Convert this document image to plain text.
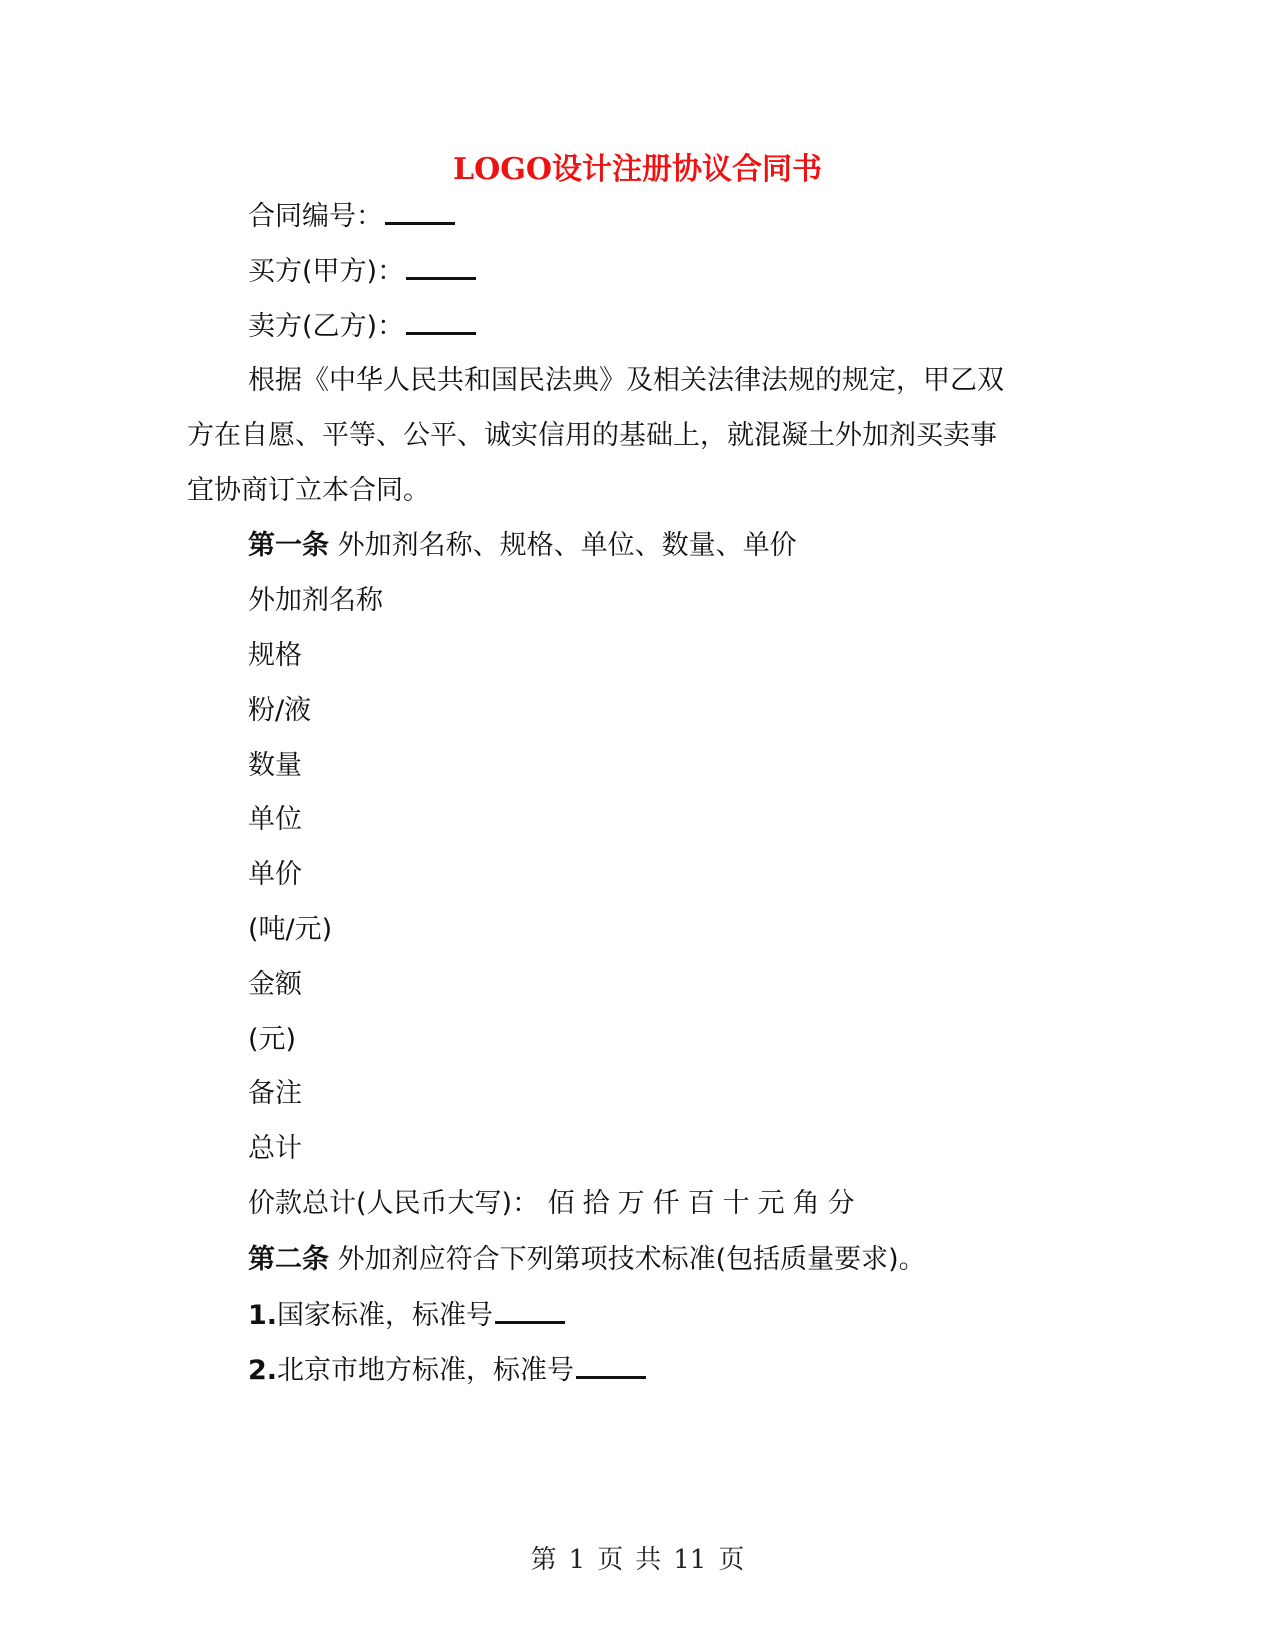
LOGO设计注册协议合同书
合同编号：
买方(甲方)：
卖方(乙方)：
根据《中华人民共和国民法典》及相关法律法规的规定，甲乙双
方在自愿、平等、公平、诚实信用的基础上，就混凝土外加剂买卖事
宜协商订立本合同。
第一条 外加剂名称、规格、单位、数量、单价
外加剂名称
规格
粉/液
数量
单位
单价
(吨/元)
金额
(元)
备注
总计
价款总计(人民币大写)： 佰拾万仟百十元角分
第二条 外加剂应符合下列第项技术标准(包括质量要求)。
1.国家标准，标准号
2.北京市地方标准，标准号
第 1 页 共 11 页
